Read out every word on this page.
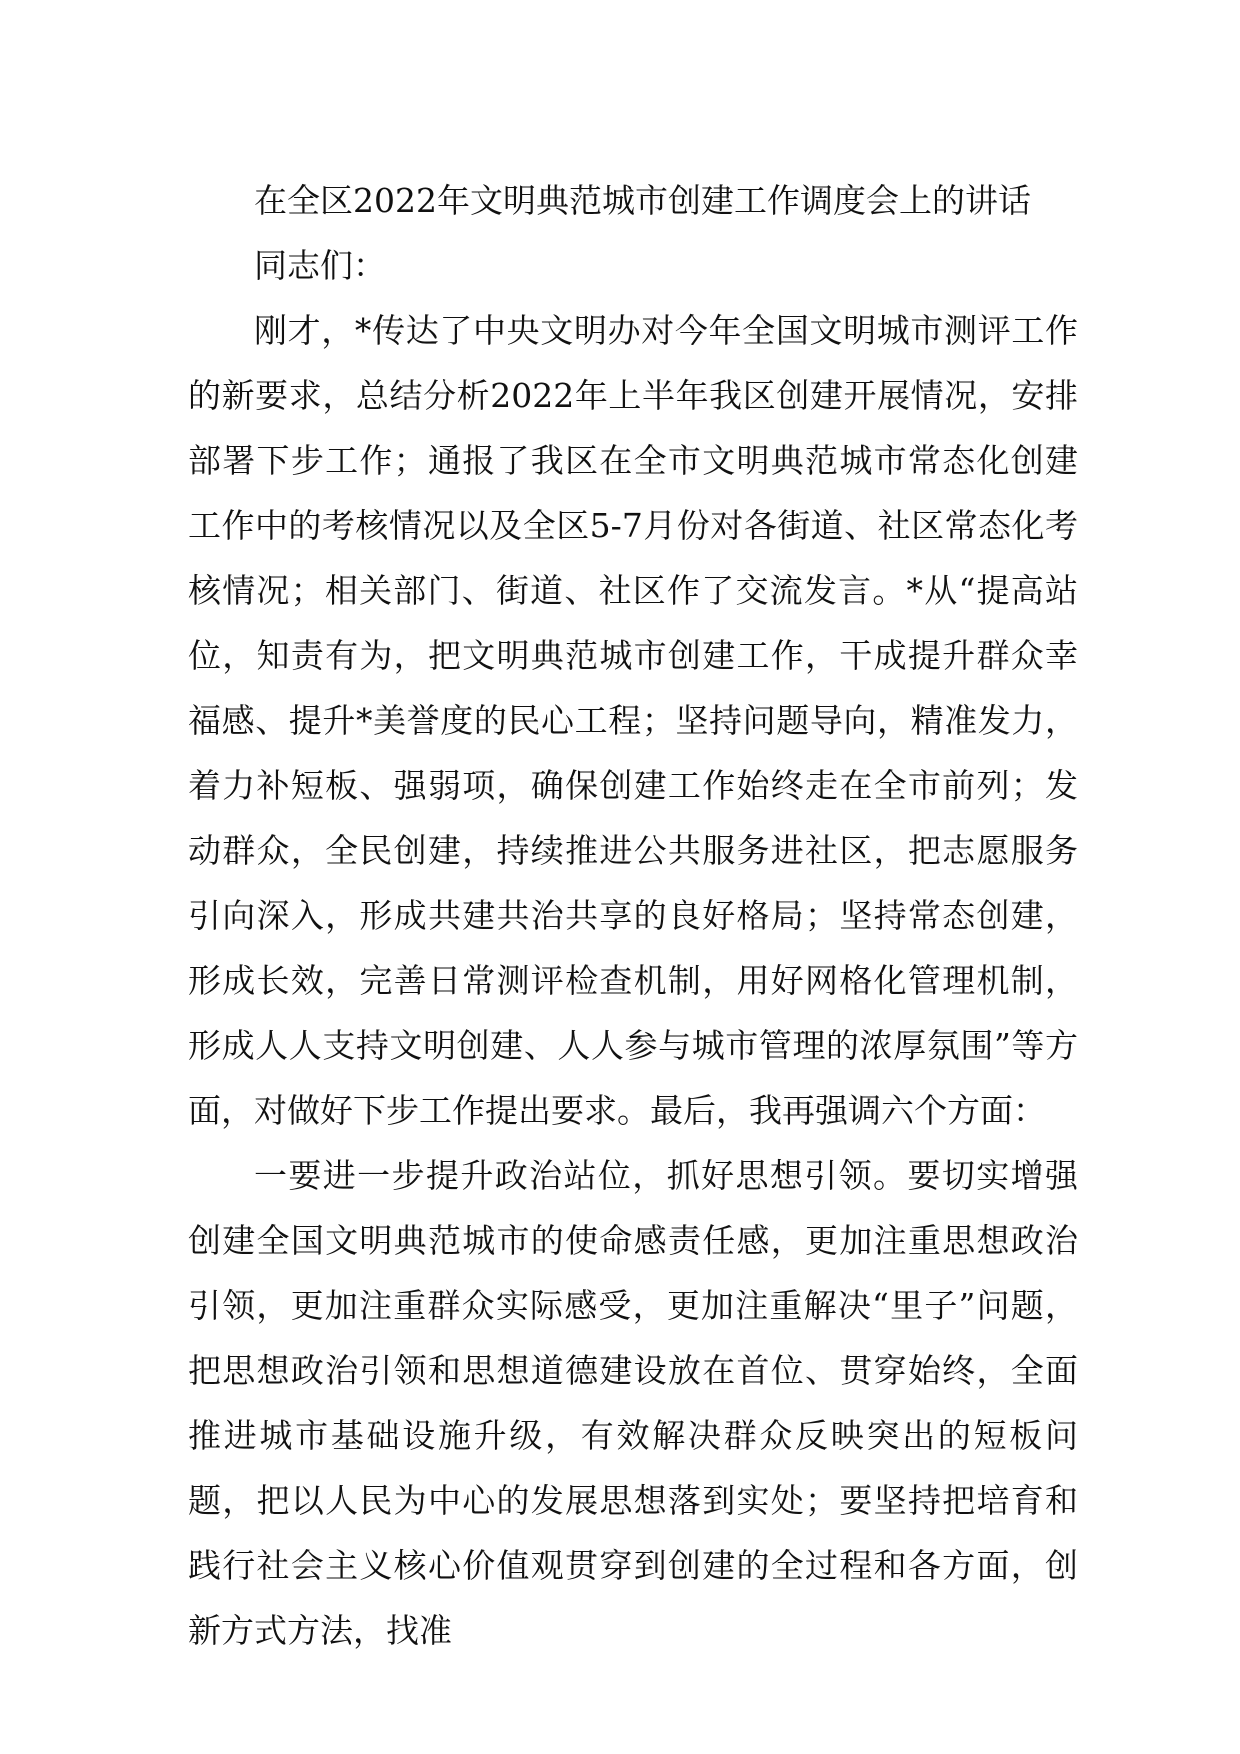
在全区2022年文明典范城市创建工作调度会上的讲话

同志们：

刚才，*传达了中央文明办对今年全国文明城市测评工作的新要求，总结分析2022年上半年我区创建开展情况，安排部署下步工作；通报了我区在全市文明典范城市常态化创建工作中的考核情况以及全区5-7月份对各街道、社区常态化考核情况；相关部门、街道、社区作了交流发言。*从“提高站位，知责有为，把文明典范城市创建工作，干成提升群众幸福感、提升*美誉度的民心工程；坚持问题导向，精准发力，着力补短板、强弱项，确保创建工作始终走在全市前列；发动群众，全民创建，持续推进公共服务进社区，把志愿服务引向深入，形成共建共治共享的良好格局；坚持常态创建，形成长效，完善日常测评检查机制，用好网格化管理机制，形成人人支持文明创建、人人参与城市管理的浓厚氛围”等方面，对做好下步工作提出要求。最后，我再强调六个方面：

一要进一步提升政治站位，抓好思想引领。要切实增强创建全国文明典范城市的使命感责任感，更加注重思想政治引领，更加注重群众实际感受，更加注重解决“里子”问题，把思想政治引领和思想道德建设放在首位、贯穿始终，全面推进城市基础设施升级，有效解决群众反映突出的短板问题，把以人民为中心的发展思想落到实处；要坚持把培育和践行社会主义核心价值观贯穿到创建的全过程和各方面，创新方式方法，找准
